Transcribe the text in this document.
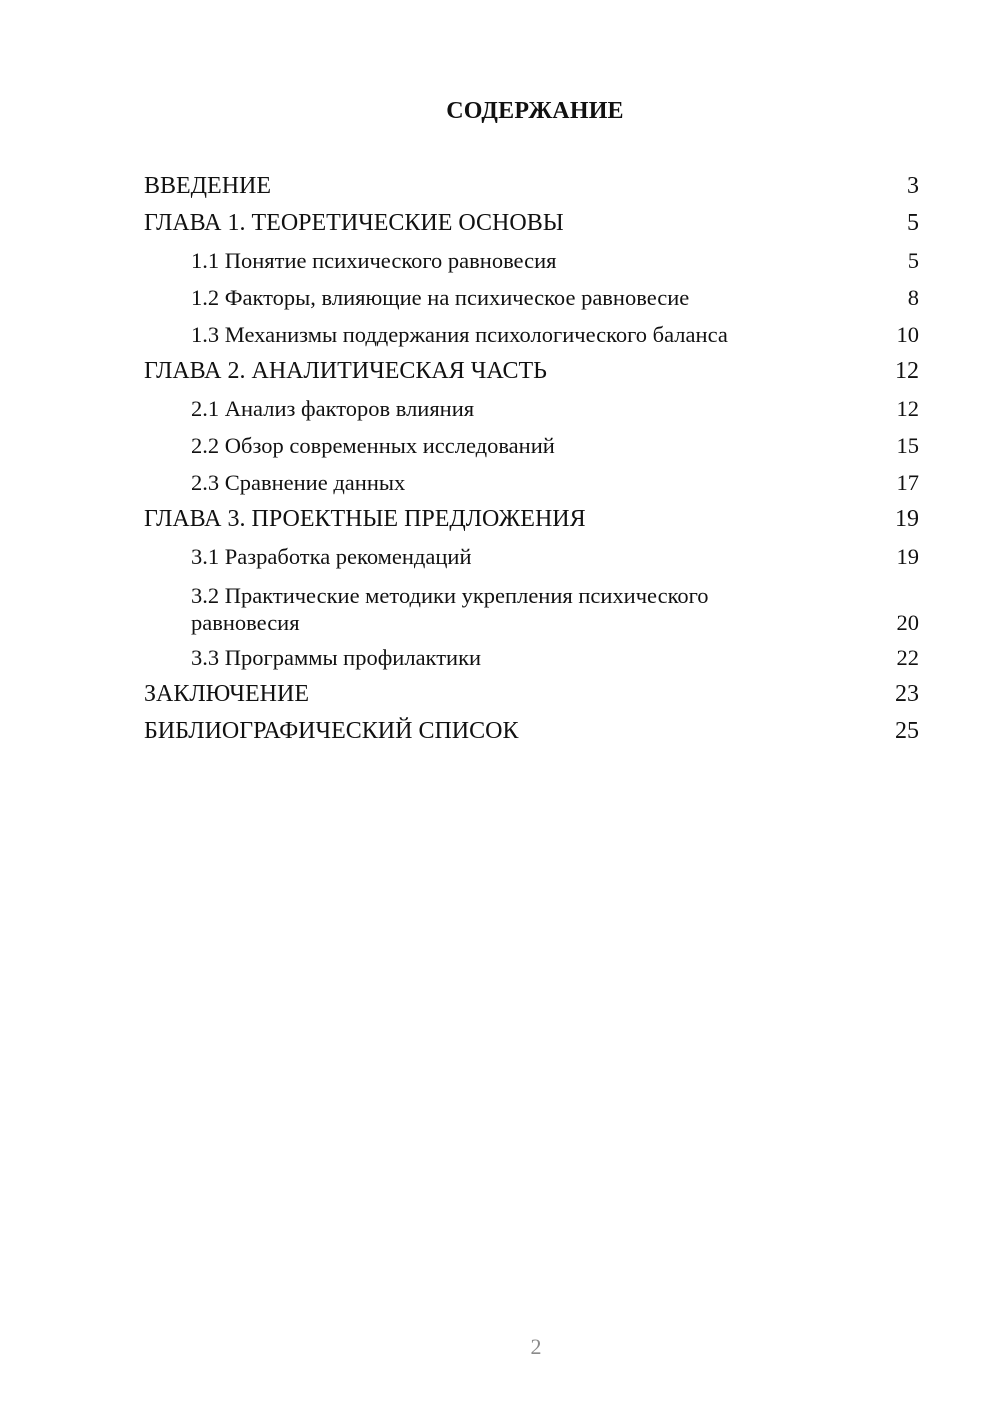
СОДЕРЖАНИЕ
ВВЕДЕНИЕ	3
ГЛАВА 1. ТЕОРЕТИЧЕСКИЕ ОСНОВЫ	5
1.1 Понятие психического равновесия	5
1.2 Факторы, влияющие на психическое равновесие	8
1.3 Механизмы поддержания психологического баланса	10
ГЛАВА 2. АНАЛИТИЧЕСКАЯ ЧАСТЬ	12
2.1 Анализ факторов влияния	12
2.2 Обзор современных исследований	15
2.3 Сравнение данных	17
ГЛАВА 3. ПРОЕКТНЫЕ ПРЕДЛОЖЕНИЯ	19
3.1 Разработка рекомендаций	19
3.2 Практические методики укрепления психического равновесия	20
3.3 Программы профилактики	22
ЗАКЛЮЧЕНИЕ	23
БИБЛИОГРАФИЧЕСКИЙ СПИСОК	25
2
